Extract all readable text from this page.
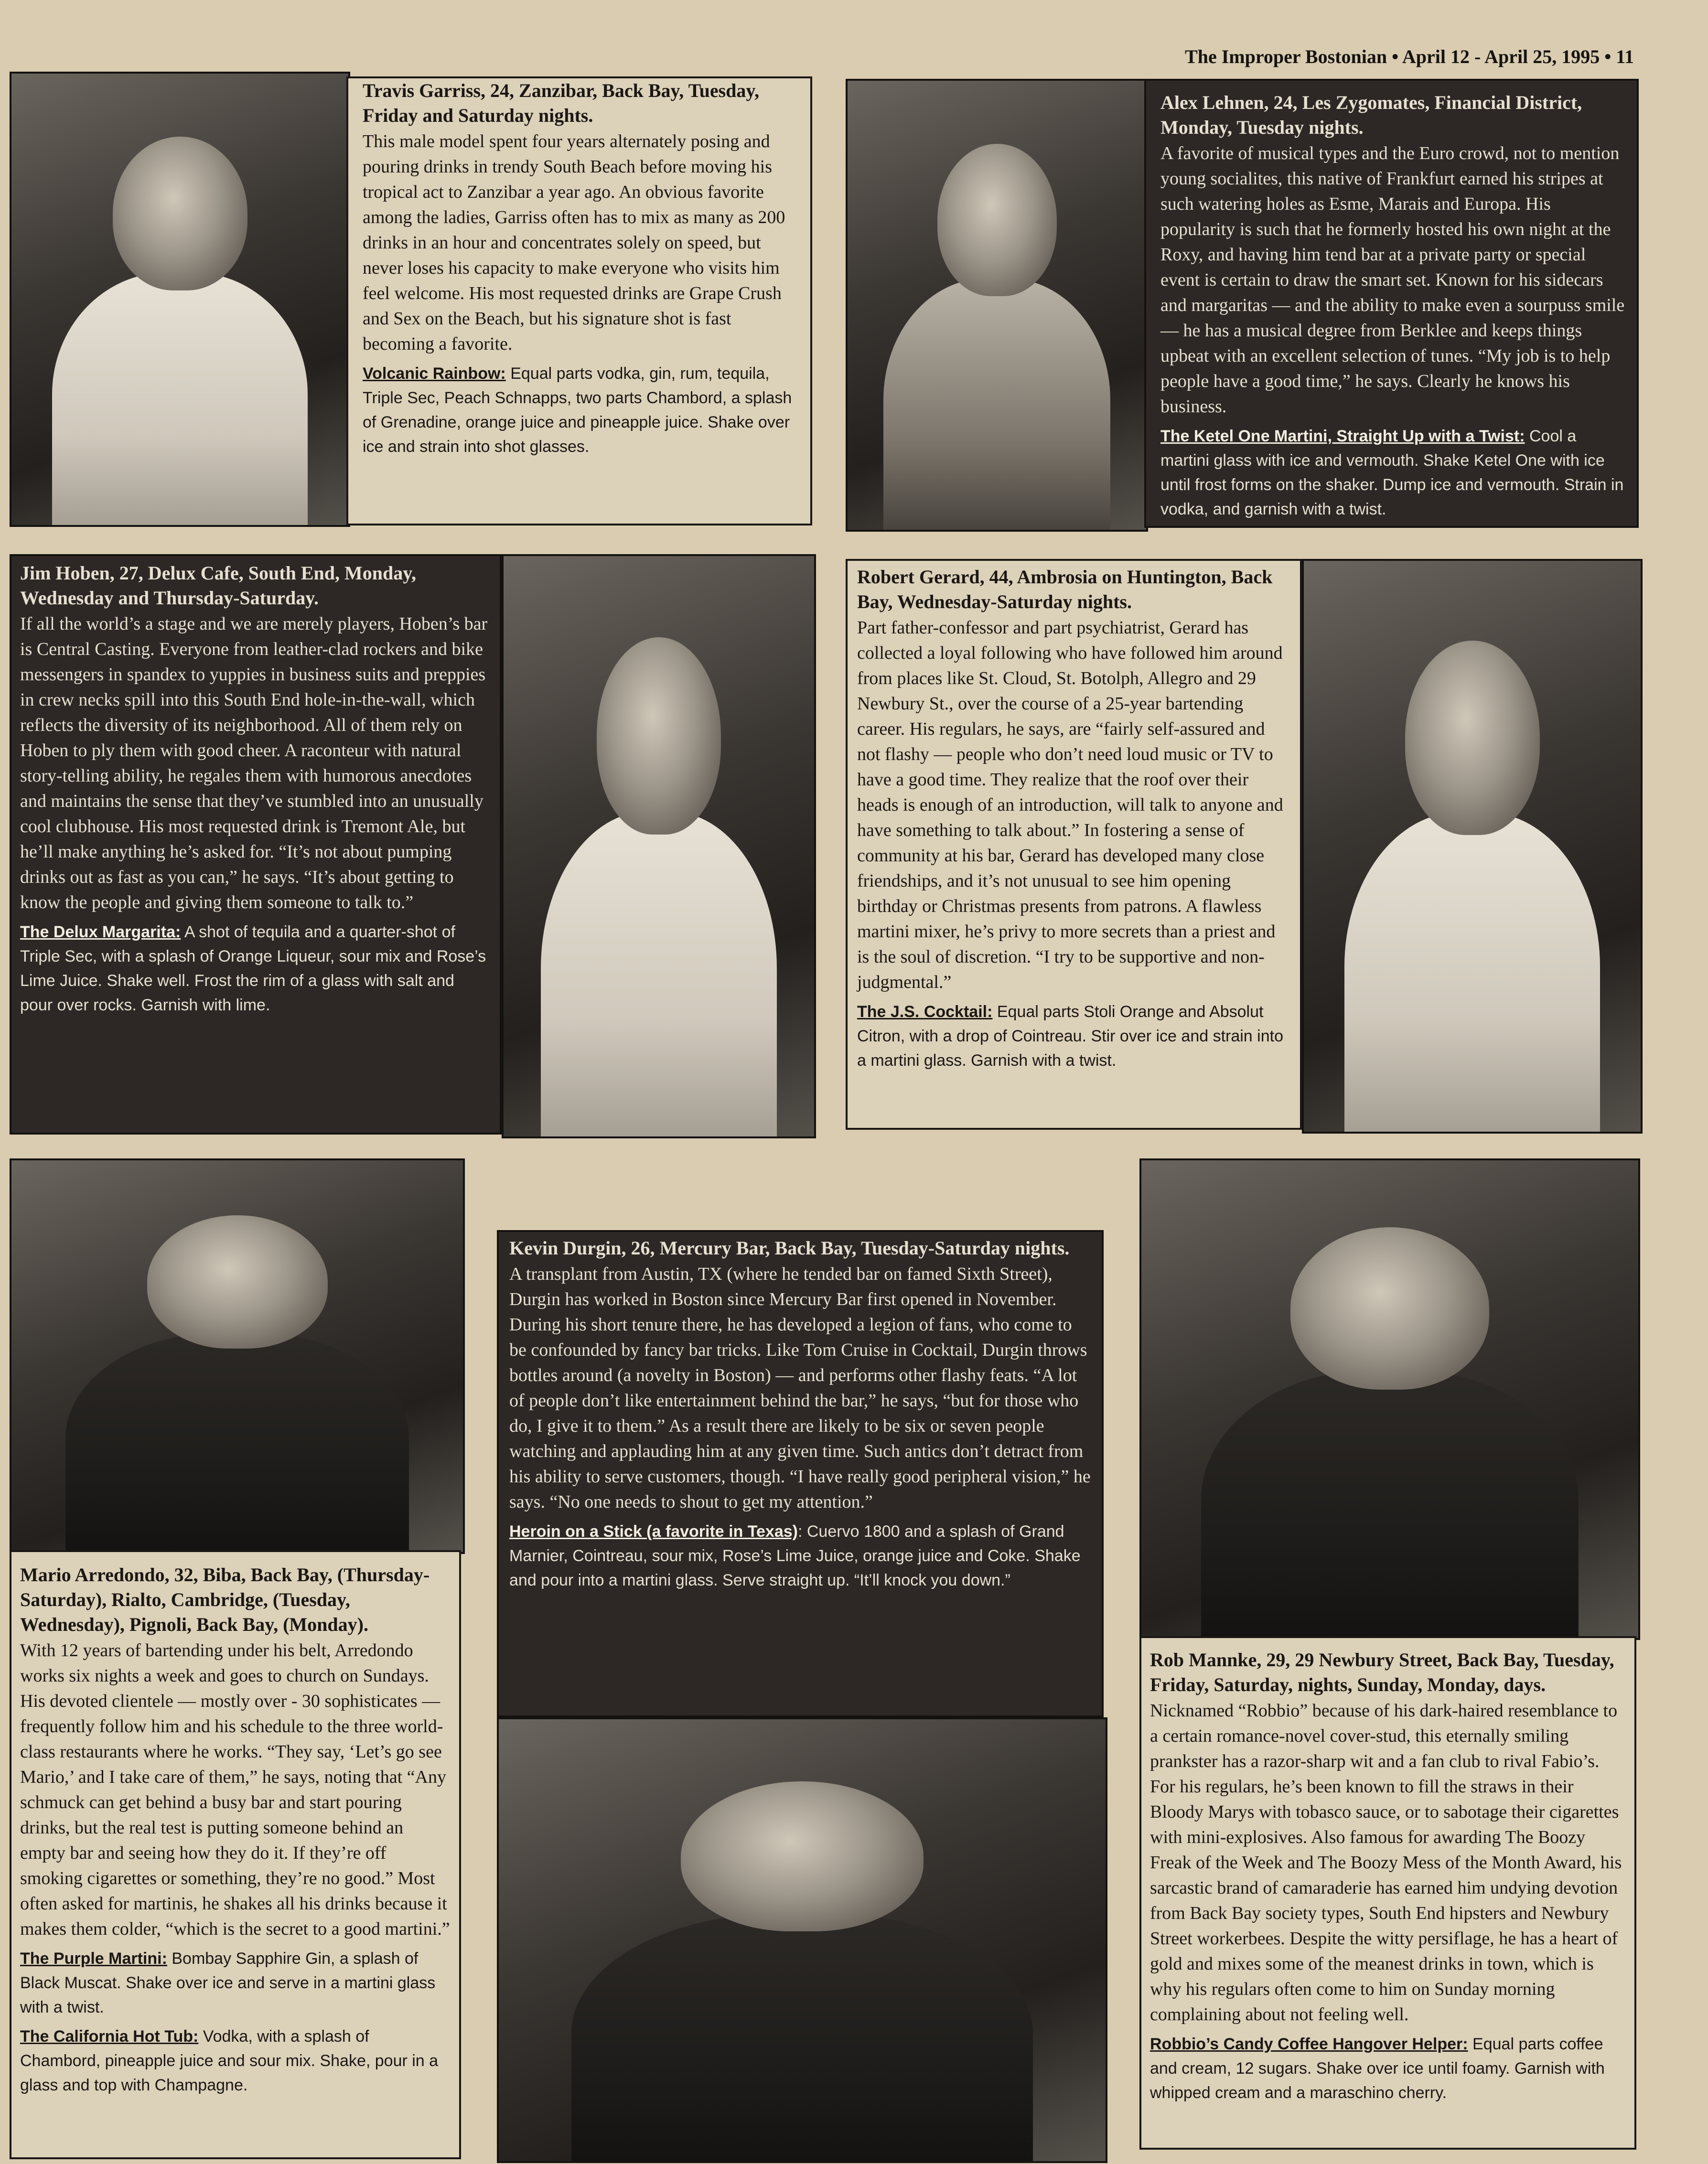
The Improper Bostonian • April 12 - April 25, 1995 • 11
Travis Garriss, 24, Zanzibar, Back Bay, Tuesday, Friday and Saturday nights.
This male model spent four years alternately posing and pouring drinks in trendy South Beach before moving his tropical act to Zanzibar a year ago. An obvious favorite among the ladies, Garriss often has to mix as many as 200 drinks in an hour and concentrates solely on speed, but never loses his capacity to make everyone who visits him feel welcome. His most requested drinks are Grape Crush and Sex on the Beach, but his signature shot is fast becoming a favorite.
Volcanic Rainbow: Equal parts vodka, gin, rum, tequila, Triple Sec, Peach Schnapps, two parts Chambord, a splash of Grenadine, orange juice and pineapple juice. Shake over ice and strain into shot glasses.
Alex Lehnen, 24, Les Zygomates, Financial District, Monday, Tuesday nights.
A favorite of musical types and the Euro crowd, not to mention young socialites, this native of Frankfurt earned his stripes at such watering holes as Esme, Marais and Europa. His popularity is such that he formerly hosted his own night at the Roxy, and having him tend bar at a private party or special event is certain to draw the smart set. Known for his sidecars and margaritas — and the ability to make even a sourpuss smile — he has a musical degree from Berklee and keeps things upbeat with an excellent selection of tunes. “My job is to help people have a good time,” he says. Clearly he knows his business.
The Ketel One Martini, Straight Up with a Twist: Cool a martini glass with ice and vermouth. Shake Ketel One with ice until frost forms on the shaker. Dump ice and vermouth. Strain in vodka, and garnish with a twist.
Jim Hoben, 27, Delux Cafe, South End, Monday, Wednesday and Thursday-Saturday.
If all the world’s a stage and we are merely players, Hoben’s bar is Central Casting. Everyone from leather-clad rockers and bike messengers in spandex to yuppies in business suits and preppies in crew necks spill into this South End hole-in-the-wall, which reflects the diversity of its neighborhood. All of them rely on Hoben to ply them with good cheer. A raconteur with natural story-telling ability, he regales them with humorous anecdotes and maintains the sense that they’ve stumbled into an unusually cool clubhouse. His most requested drink is Tremont Ale, but he’ll make anything he’s asked for. “It’s not about pumping drinks out as fast as you can,” he says. “It’s about getting to know the people and giving them someone to talk to.”
The Delux Margarita: A shot of tequila and a quarter-shot of Triple Sec, with a splash of Orange Liqueur, sour mix and Rose’s Lime Juice. Shake well. Frost the rim of a glass with salt and pour over rocks. Garnish with lime.
Robert Gerard, 44, Ambrosia on Huntington, Back Bay, Wednesday-Saturday nights.
Part father-confessor and part psychiatrist, Gerard has collected a loyal following who have followed him around from places like St. Cloud, St. Botolph, Allegro and 29 Newbury St., over the course of a 25-year bartending career. His regulars, he says, are “fairly self-assured and not flashy — people who don’t need loud music or TV to have a good time. They realize that the roof over their heads is enough of an introduction, will talk to anyone and have something to talk about.” In fostering a sense of community at his bar, Gerard has developed many close friendships, and it’s not unusual to see him opening birthday or Christmas presents from patrons. A flawless martini mixer, he’s privy to more secrets than a priest and is the soul of discretion. “I try to be supportive and non-judgmental.”
The J.S. Cocktail: Equal parts Stoli Orange and Absolut Citron, with a drop of Cointreau. Stir over ice and strain into a martini glass. Garnish with a twist.
Mario Arredondo, 32, Biba, Back Bay, (Thursday-Saturday), Rialto, Cambridge, (Tuesday, Wednesday), Pignoli, Back Bay, (Monday).
With 12 years of bartending under his belt, Arredondo works six nights a week and goes to church on Sundays. His devoted clientele — mostly over - 30 sophisticates — frequently follow him and his schedule to the three world-class restaurants where he works. “They say, ‘Let’s go see Mario,’ and I take care of them,” he says, noting that “Any schmuck can get behind a busy bar and start pouring drinks, but the real test is putting someone behind an empty bar and seeing how they do it. If they’re off smoking cigarettes or something, they’re no good.” Most often asked for martinis, he shakes all his drinks because it makes them colder, “which is the secret to a good martini.”
The Purple Martini: Bombay Sapphire Gin, a splash of Black Muscat. Shake over ice and serve in a martini glass with a twist.
The California Hot Tub: Vodka, with a splash of Chambord, pineapple juice and sour mix. Shake, pour in a glass and top with Champagne.
Kevin Durgin, 26, Mercury Bar, Back Bay, Tuesday-Saturday nights.
A transplant from Austin, TX (where he tended bar on famed Sixth Street), Durgin has worked in Boston since Mercury Bar first opened in November. During his short tenure there, he has developed a legion of fans, who come to be confounded by fancy bar tricks. Like Tom Cruise in Cocktail, Durgin throws bottles around (a novelty in Boston) — and performs other flashy feats. “A lot of people don’t like entertainment behind the bar,” he says, “but for those who do, I give it to them.” As a result there are likely to be six or seven people watching and applauding him at any given time. Such antics don’t detract from his ability to serve customers, though. “I have really good peripheral vision,” he says. “No one needs to shout to get my attention.”
Heroin on a Stick (a favorite in Texas): Cuervo 1800 and a splash of Grand Marnier, Cointreau, sour mix, Rose’s Lime Juice, orange juice and Coke. Shake and pour into a martini glass. Serve straight up. “It’ll knock you down.”
Rob Mannke, 29, 29 Newbury Street, Back Bay, Tuesday, Friday, Saturday, nights, Sunday, Monday, days.
Nicknamed “Robbio” because of his dark-haired resemblance to a certain romance-novel cover-stud, this eternally smiling prankster has a razor-sharp wit and a fan club to rival Fabio’s. For his regulars, he’s been known to fill the straws in their Bloody Marys with tobasco sauce, or to sabotage their cigarettes with mini-explosives. Also famous for awarding The Boozy Freak of the Week and The Boozy Mess of the Month Award, his sarcastic brand of camaraderie has earned him undying devotion from Back Bay society types, South End hipsters and Newbury Street workerbees. Despite the witty persiflage, he has a heart of gold and mixes some of the meanest drinks in town, which is why his regulars often come to him on Sunday morning complaining about not feeling well.
Robbio’s Candy Coffee Hangover Helper: Equal parts coffee and cream, 12 sugars. Shake over ice until foamy. Garnish with whipped cream and a maraschino cherry.
